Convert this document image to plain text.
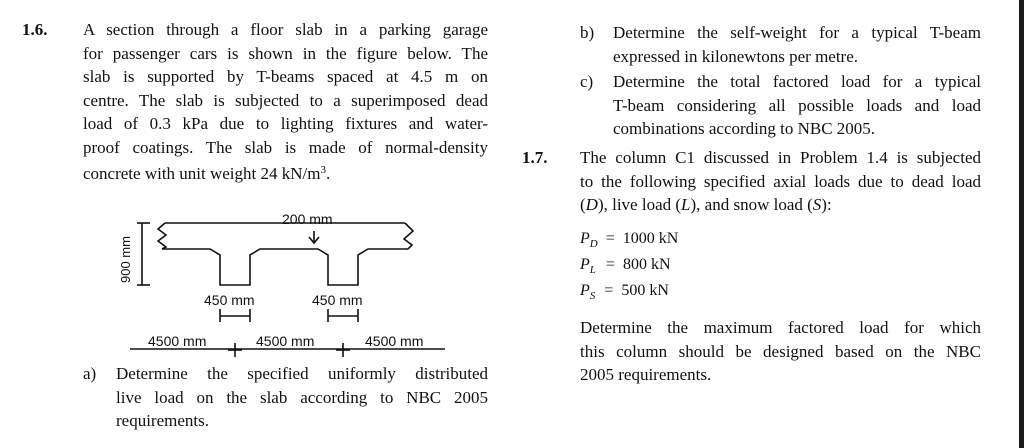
1.6. A section through a floor slab in a parking garage
for passenger cars is shown in the figure below. The
slab is supported by T-beams spaced at 4.5 m on
centre. The slab is subjected to a superimposed dead
load of 0.3 kPa due to lighting fixtures and water-
proof coatings. The slab is made of normal-density
concrete with unit weight 24 $kN/m^3$.
200 mm
900 mm
450 mm	450 mm
4500 mm	4500 mm	4500 mm
a) Determine the specified uniformly distributed
live load on the slab according to NBC 2005
requirements.
b) Determine the self-weight for a typical T-beam
expressed in kilonewtons per metre.
c) Determine the total factored load for a typical
T-beam considering all possible loads and load
combinations according to NBC 2005.
1.7. The column C1 discussed in Problem 1.4 is subjected
to the following specified axial loads due to dead load
(D), live load (L), and snow load (S):
$P_D = 1000$ kN
$P_L = 800$ kN
$P_S = 500$ kN
Determine the maximum factored load for which
this column should be designed based on the NBC
2005 requirements.
